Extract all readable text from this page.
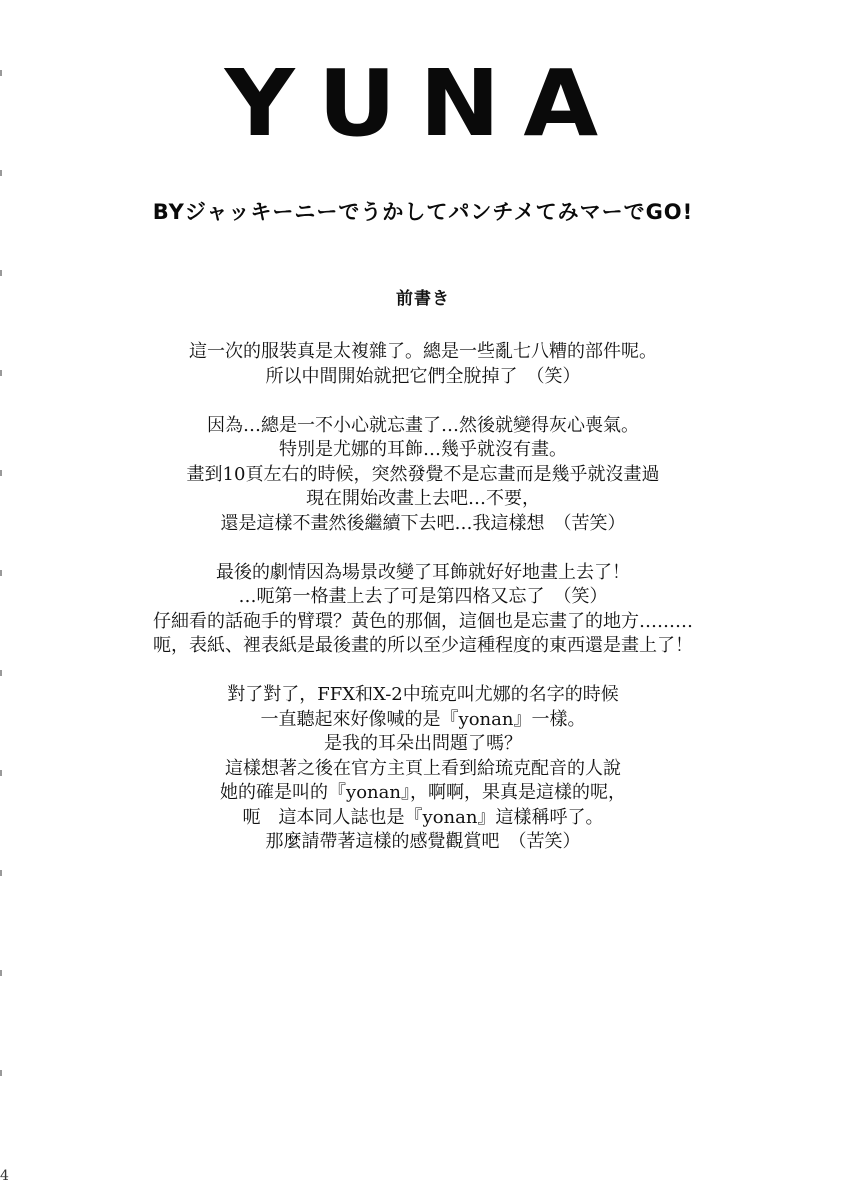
YUNA
BYジャッキーニーでうかしてパンチメてみマーでGO!
前書き
這一次的服裝真是太複雜了。總是一些亂七八糟的部件呢。
所以中間開始就把它們全脫掉了　（笑）
因為…總是一不小心就忘畫了…然後就變得灰心喪氣。
特別是尤娜的耳飾…幾乎就沒有畫。
畫到10頁左右的時候，突然發覺不是忘畫而是幾乎就沒畫過
現在開始改畫上去吧…不要，
還是這樣不畫然後繼續下去吧…我這樣想　（苦笑）
最後的劇情因為場景改變了耳飾就好好地畫上去了！
…呃第一格畫上去了可是第四格又忘了　（笑）
仔細看的話砲手的臂環？黃色的那個，這個也是忘畫了的地方………
呃，表紙、裡表紙是最後畫的所以至少這種程度的東西還是畫上了！
對了對了，FFX和X-2中琉克叫尤娜的名字的時候
一直聽起來好像喊的是『yonan』一樣。
是我的耳朵出問題了嗎？
這樣想著之後在官方主頁上看到給琉克配音的人說
她的確是叫的『yonan』，啊啊，果真是這樣的呢，
呃　這本同人誌也是『yonan』這樣稱呼了。
那麼請帶著這樣的感覺觀賞吧　（苦笑）
4
